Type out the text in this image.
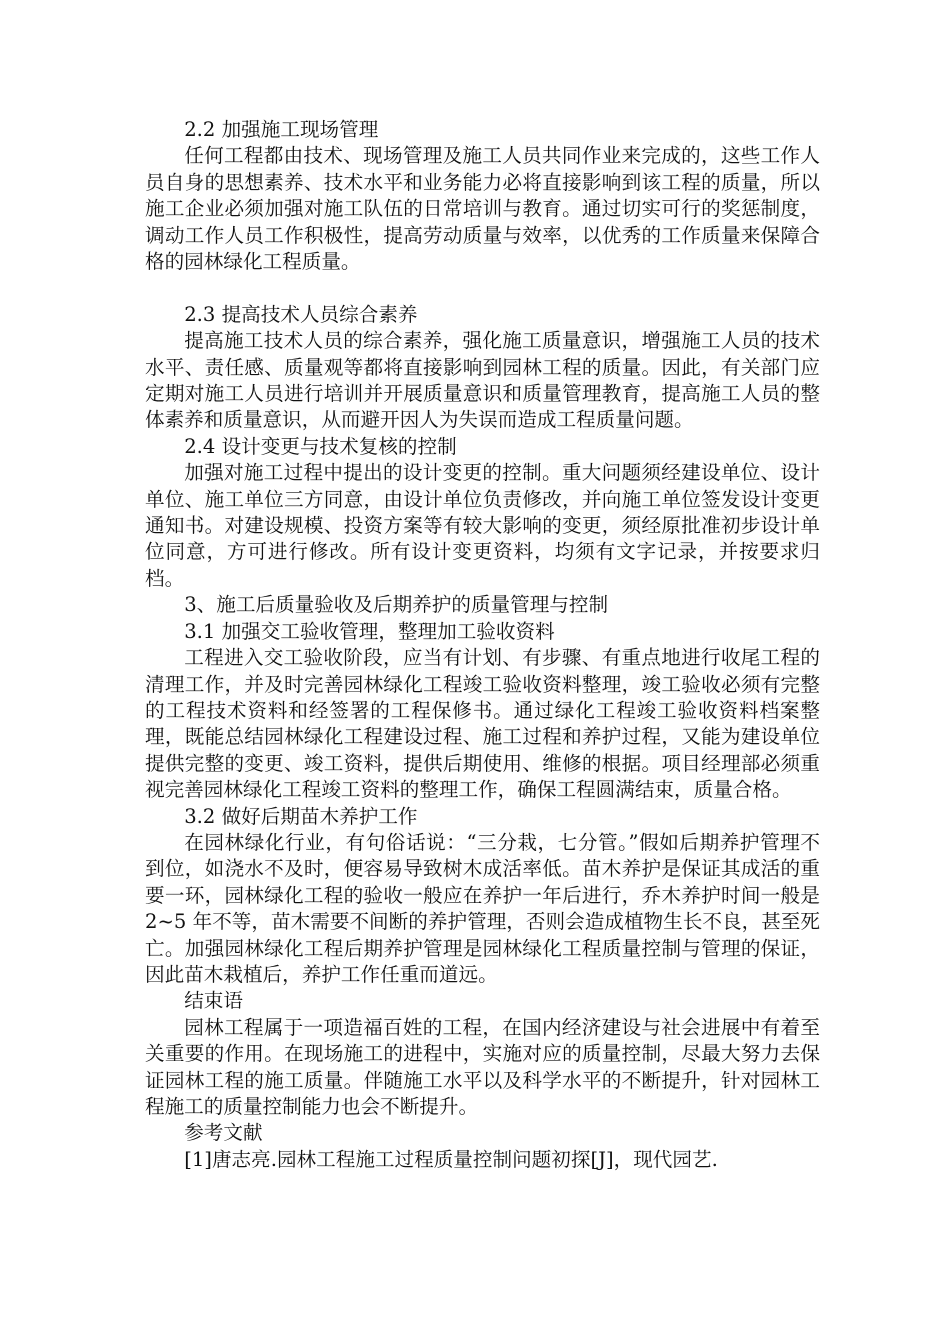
2.2 加强施工现场管理

任何工程都由技术、现场管理及施工人员共同作业来完成的，这些工作人员自身的思想素养、技术水平和业务能力必将直接影响到该工程的质量，所以施工企业必须加强对施工队伍的日常培训与教育。通过切实可行的奖惩制度，调动工作人员工作积极性，提高劳动质量与效率，以优秀的工作质量来保障合格的园林绿化工程质量。

2.3 提高技术人员综合素养

提高施工技术人员的综合素养，强化施工质量意识，增强施工人员的技术水平、责任感、质量观等都将直接影响到园林工程的质量。因此，有关部门应定期对施工人员进行培训并开展质量意识和质量管理教育，提高施工人员的整体素养和质量意识，从而避开因人为失误而造成工程质量问题。

2.4 设计变更与技术复核的控制

加强对施工过程中提出的设计变更的控制。重大问题须经建设单位、设计单位、施工单位三方同意，由设计单位负责修改，并向施工单位签发设计变更通知书。对建设规模、投资方案等有较大影响的变更，须经原批准初步设计单位同意，方可进行修改。所有设计变更资料，均须有文字记录，并按要求归档。

3、施工后质量验收及后期养护的质量管理与控制

3.1 加强交工验收管理，整理加工验收资料

工程进入交工验收阶段，应当有计划、有步骤、有重点地进行收尾工程的清理工作，并及时完善园林绿化工程竣工验收资料整理，竣工验收必须有完整的工程技术资料和经签署的工程保修书。通过绿化工程竣工验收资料档案整理，既能总结园林绿化工程建设过程、施工过程和养护过程，又能为建设单位提供完整的变更、竣工资料，提供后期使用、维修的根据。项目经理部必须重视完善园林绿化工程竣工资料的整理工作，确保工程圆满结束，质量合格。

3.2 做好后期苗木养护工作

在园林绿化行业，有句俗话说：“三分栽，七分管。”假如后期养护管理不到位，如浇水不及时，便容易导致树木成活率低。苗木养护是保证其成活的重要一环，园林绿化工程的验收一般应在养护一年后进行，乔木养护时间一般是 2~5 年不等，苗木需要不间断的养护管理，否则会造成植物生长不良，甚至死亡。加强园林绿化工程后期养护管理是园林绿化工程质量控制与管理的保证，因此苗木栽植后，养护工作任重而道远。

结束语

园林工程属于一项造福百姓的工程，在国内经济建设与社会进展中有着至关重要的作用。在现场施工的进程中，实施对应的质量控制，尽最大努力去保证园林工程的施工质量。伴随施工水平以及科学水平的不断提升，针对园林工程施工的质量控制能力也会不断提升。

参考文献

[1]唐志亮.园林工程施工过程质量控制问题初探[J]，现代园艺.
